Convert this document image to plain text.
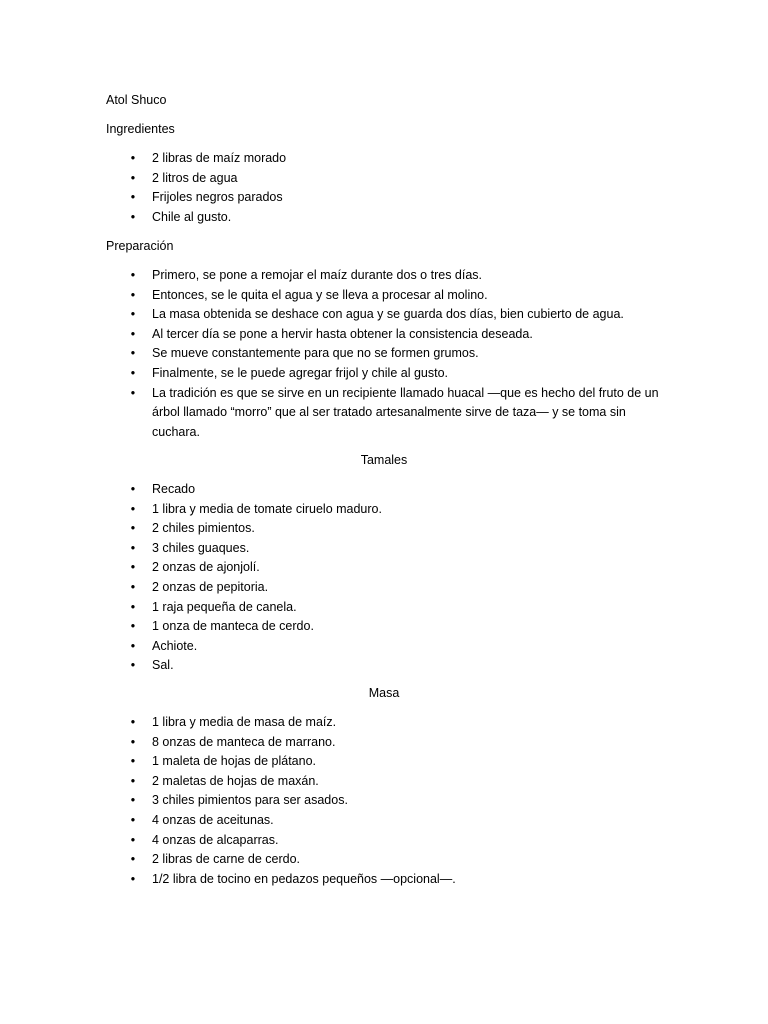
Atol Shuco
Ingredientes
• 2 libras de maíz morado
• 2 litros de agua
• Frijoles negros parados
• Chile al gusto.
Preparación
• Primero, se pone a remojar el maíz durante dos o tres días.
• Entonces, se le quita el agua y se lleva a procesar al molino.
• La masa obtenida se deshace con agua y se guarda dos días, bien cubierto de agua.
• Al tercer día se pone a hervir hasta obtener la consistencia deseada.
• Se mueve constantemente para que no se formen grumos.
• Finalmente, se le puede agregar frijol y chile al gusto.
• La tradición es que se sirve en un recipiente llamado huacal —que es hecho del fruto de un árbol llamado “morro” que al ser tratado artesanalmente sirve de taza— y se toma sin cuchara.
Tamales
• Recado
• 1 libra y media de tomate ciruelo maduro.
• 2 chiles pimientos.
• 3 chiles guaques.
• 2 onzas de ajonjolí.
• 2 onzas de pepitoria.
• 1 raja pequeña de canela.
• 1 onza de manteca de cerdo.
• Achiote.
• Sal.
Masa
• 1 libra y media de masa de maíz.
• 8 onzas de manteca de marrano.
• 1 maleta de hojas de plátano.
• 2 maletas de hojas de maxán.
• 3 chiles pimientos para ser asados.
• 4 onzas de aceitunas.
• 4 onzas de alcaparras.
• 2 libras de carne de cerdo.
• 1/2 libra de tocino en pedazos pequeños —opcional—.
